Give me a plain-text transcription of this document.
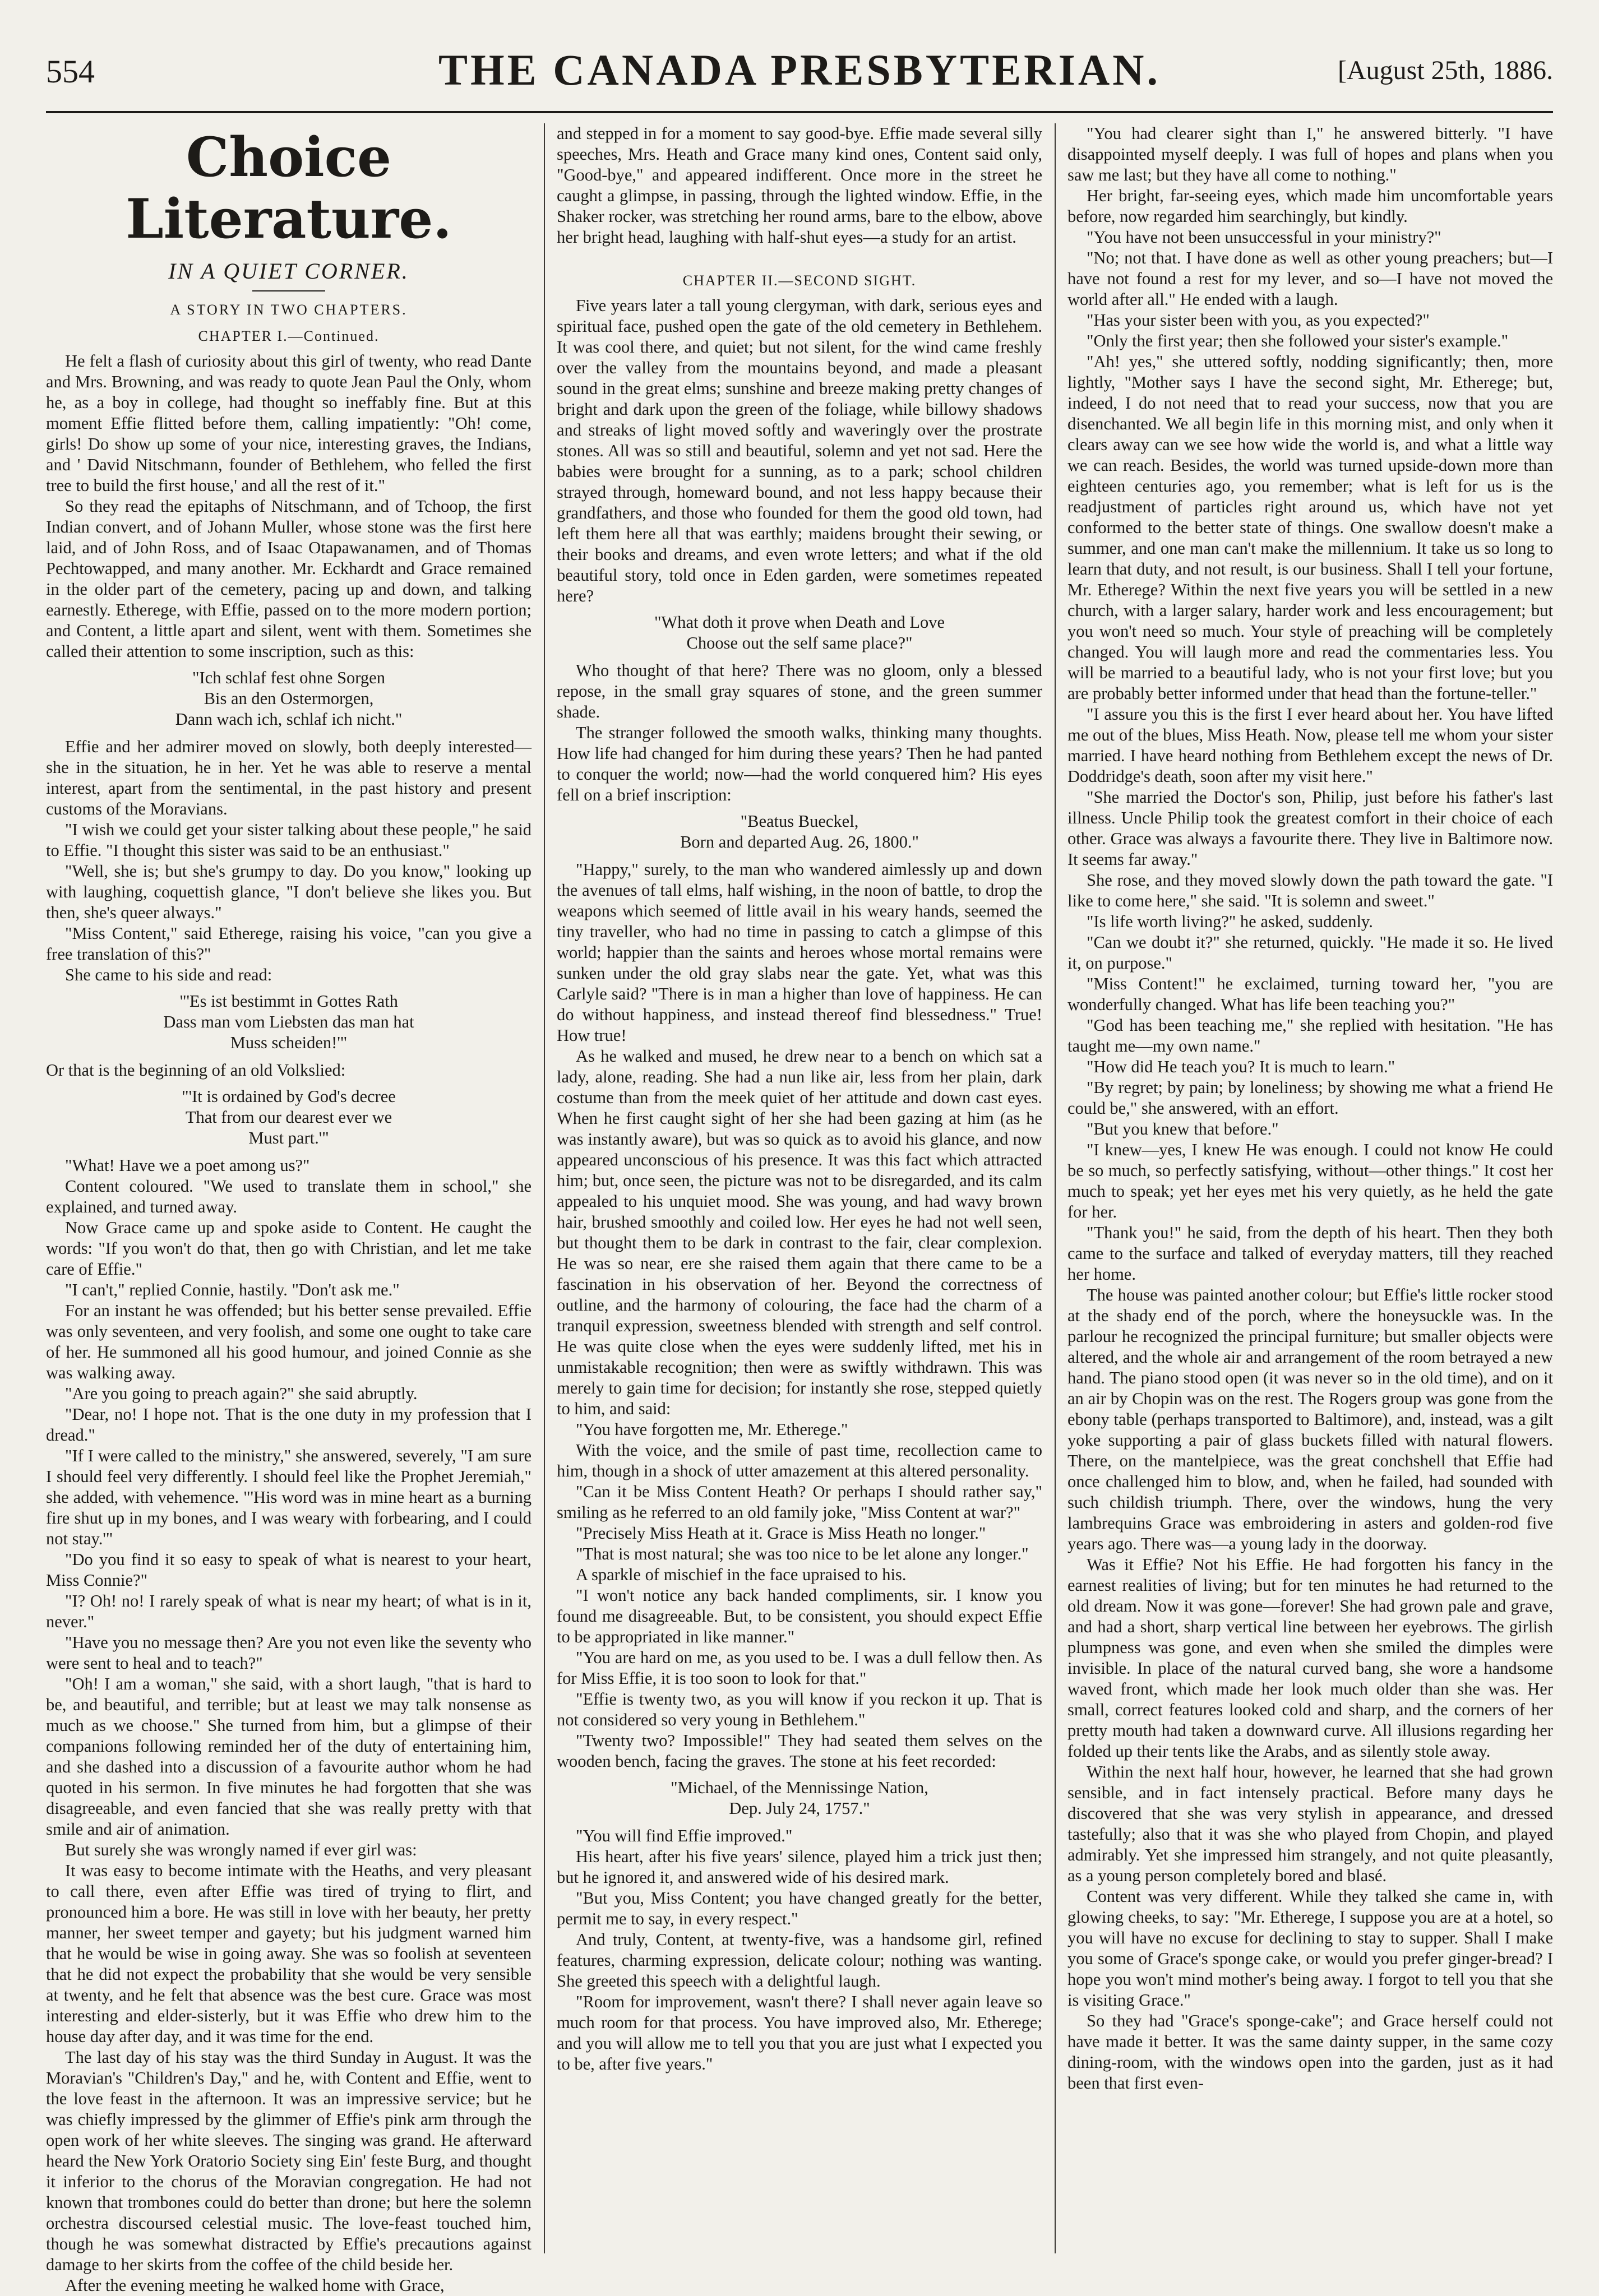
554	THE CANADA PRESBYTERIAN.	[August 25th, 1886.
Choice Literature.
IN A QUIET CORNER.
A STORY IN TWO CHAPTERS.
CHAPTER I.—Continued.

He felt a flash of curiosity about this girl of twenty, who read Dante and Mrs. Browning, and was ready to quote Jean Paul the Only, whom he, as a boy in college, had thought so ineffably fine. But at this moment Effie flitted before them, calling impatiently: "Oh! come, girls! Do show up some of your nice, interesting graves, the Indians, and ' David Nitschmann, founder of Bethlehem, who felled the first tree to build the first house,' and all the rest of it."

So they read the epitaphs of Nitschmann, and of Tchoop, the first Indian convert, and of Johann Muller, whose stone was the first here laid, and of John Ross, and of Isaac Otapawanamen, and of Thomas Pechtowapped, and many another. Mr. Eckhardt and Grace remained in the older part of the cemetery, pacing up and down, and talking earnestly. Etherege, with Effie, passed on to the more modern portion; and Content, a little apart and silent, went with them. Sometimes she called their attention to some inscription, such as this:

"Ich schlaf fest ohne Sorgen
Bis an den Ostermorgen,
Dann wach ich, schlaf ich nicht."

Effie and her admirer moved on slowly, both deeply interested—she in the situation, he in her. Yet he was able to reserve a mental interest, apart from the sentimental, in the past history and present customs of the Moravians.

"I wish we could get your sister talking about these people," he said to Effie. "I thought this sister was said to be an enthusiast."

"Well, she is; but she's grumpy to day. Do you know," looking up with laughing, coquettish glance, "I don't believe she likes you. But then, she's queer always."

"Miss Content," said Etherege, raising his voice, "can you give a free translation of this?"

She came to his side and read:

"'Es ist bestimmt in Gottes Rath
Dass man vom Liebsten das man hat
Muss scheiden!'"

Or that is the beginning of an old Volkslied:

"'It is ordained by God's decree
That from our dearest ever we
Must part.'"

"What! Have we a poet among us?"

Content coloured. "We used to translate them in school," she explained, and turned away.

Now Grace came up and spoke aside to Content. He caught the words: "If you won't do that, then go with Christian, and let me take care of Effie."

"I can't," replied Connie, hastily. "Don't ask me."

For an instant he was offended; but his better sense prevailed. Effie was only seventeen, and very foolish, and some one ought to take care of her. He summoned all his good humour, and joined Connie as she was walking away.

"Are you going to preach again?" she said abruptly.

"Dear, no! I hope not. That is the one duty in my profession that I dread."

"If I were called to the ministry," she answered, severely, "I am sure I should feel very differently. I should feel like the Prophet Jeremiah," she added, with vehemence. "'His word was in mine heart as a burning fire shut up in my bones, and I was weary with forbearing, and I could not stay.'"

"Do you find it so easy to speak of what is nearest to your heart, Miss Connie?"

"I? Oh! no! I rarely speak of what is near my heart; of what is in it, never."

"Have you no message then? Are you not even like the seventy who were sent to heal and to teach?"

"Oh! I am a woman," she said, with a short laugh, "that is hard to be, and beautiful, and terrible; but at least we may talk nonsense as much as we choose." She turned from him, but a glimpse of their companions following reminded her of the duty of entertaining him, and she dashed into a discussion of a favourite author whom he had quoted in his sermon. In five minutes he had forgotten that she was disagreeable, and even fancied that she was really pretty with that smile and air of animation.

But surely she was wrongly named if ever girl was:

It was easy to become intimate with the Heaths, and very pleasant to call there, even after Effie was tired of trying to flirt, and pronounced him a bore. He was still in love with her beauty, her pretty manner, her sweet temper and gayety; but his judgment warned him that he would be wise in going away. She was so foolish at seventeen that he did not expect the probability that she would be very sensible at twenty, and he felt that absence was the best cure. Grace was most interesting and elder-sisterly, but it was Effie who drew him to the house day after day, and it was time for the end.

The last day of his stay was the third Sunday in August. It was the Moravian's "Children's Day," and he, with Content and Effie, went to the love feast in the afternoon. It was an impressive service; but he was chiefly impressed by the glimmer of Effie's pink arm through the open work of her white sleeves. The singing was grand. He afterward heard the New York Oratorio Society sing Ein' feste Burg, and thought it inferior to the chorus of the Moravian congregation. He had not known that trombones could do better than drone; but here the solemn orchestra discoursed celestial music. The love-feast touched him, though he was somewhat distracted by Effie's precautions against damage to her skirts from the coffee of the child beside her.

After the evening meeting he walked home with Grace,

and stepped in for a moment to say good-bye. Effie made several silly speeches, Mrs. Heath and Grace many kind ones, Content said only, "Good-bye," and appeared indifferent. Once more in the street he caught a glimpse, in passing, through the lighted window. Effie, in the Shaker rocker, was stretching her round arms, bare to the elbow, above her bright head, laughing with half-shut eyes—a study for an artist.

CHAPTER II.—SECOND SIGHT.

Five years later a tall young clergyman, with dark, serious eyes and spiritual face, pushed open the gate of the old cemetery in Bethlehem. It was cool there, and quiet; but not silent, for the wind came freshly over the valley from the mountains beyond, and made a pleasant sound in the great elms; sunshine and breeze making pretty changes of bright and dark upon the green of the foliage, while billowy shadows and streaks of light moved softly and waveringly over the prostrate stones. All was so still and beautiful, solemn and yet not sad. Here the babies were brought for a sunning, as to a park; school children strayed through, homeward bound, and not less happy because their grandfathers, and those who founded for them the good old town, had left them here all that was earthly; maidens brought their sewing, or their books and dreams, and even wrote letters; and what if the old beautiful story, told once in Eden garden, were sometimes repeated here?

"What doth it prove when Death and Love
Choose out the self same place?"

Who thought of that here? There was no gloom, only a blessed repose, in the small gray squares of stone, and the green summer shade.

The stranger followed the smooth walks, thinking many thoughts. How life had changed for him during these years? Then he had panted to conquer the world; now—had the world conquered him? His eyes fell on a brief inscription:

"Beatus Bueckel,
Born and departed Aug. 26, 1800."

"Happy," surely, to the man who wandered aimlessly up and down the avenues of tall elms, half wishing, in the noon of battle, to drop the weapons which seemed of little avail in his weary hands, seemed the tiny traveller, who had no time in passing to catch a glimpse of this world; happier than the saints and heroes whose mortal remains were sunken under the old gray slabs near the gate. Yet, what was this Carlyle said? "There is in man a higher than love of happiness. He can do without happiness, and instead thereof find blessedness." True! How true!

As he walked and mused, he drew near to a bench on which sat a lady, alone, reading. She had a nun like air, less from her plain, dark costume than from the meek quiet of her attitude and down cast eyes. When he first caught sight of her she had been gazing at him (as he was instantly aware), but was so quick as to avoid his glance, and now appeared unconscious of his presence. It was this fact which attracted him; but, once seen, the picture was not to be disregarded, and its calm appealed to his unquiet mood. She was young, and had wavy brown hair, brushed smoothly and coiled low. Her eyes he had not well seen, but thought them to be dark in contrast to the fair, clear complexion. He was so near, ere she raised them again that there came to be a fascination in his observation of her. Beyond the correctness of outline, and the harmony of colouring, the face had the charm of a tranquil expression, sweetness blended with strength and self control. He was quite close when the eyes were suddenly lifted, met his in unmistakable recognition; then were as swiftly withdrawn. This was merely to gain time for decision; for instantly she rose, stepped quietly to him, and said:

"You have forgotten me, Mr. Etherege."

With the voice, and the smile of past time, recollection came to him, though in a shock of utter amazement at this altered personality.

"Can it be Miss Content Heath? Or perhaps I should rather say," smiling as he referred to an old family joke, "Miss Content at war?"

"Precisely Miss Heath at it. Grace is Miss Heath no longer."

"That is most natural; she was too nice to be let alone any longer."

A sparkle of mischief in the face upraised to his.

"I won't notice any back handed compliments, sir. I know you found me disagreeable. But, to be consistent, you should expect Effie to be appropriated in like manner."

"You are hard on me, as you used to be. I was a dull fellow then. As for Miss Effie, it is too soon to look for that."

"Effie is twenty two, as you will know if you reckon it up. That is not considered so very young in Bethlehem."

"Twenty two? Impossible!" They had seated them selves on the wooden bench, facing the graves. The stone at his feet recorded:

"Michael, of the Mennissinge Nation,
Dep. July 24, 1757."

"You will find Effie improved."

His heart, after his five years' silence, played him a trick just then; but he ignored it, and answered wide of his desired mark.

"But you, Miss Content; you have changed greatly for the better, permit me to say, in every respect."

And truly, Content, at twenty-five, was a handsome girl, refined features, charming expression, delicate colour; nothing was wanting. She greeted this speech with a delightful laugh.

"Room for improvement, wasn't there? I shall never again leave so much room for that process. You have improved also, Mr. Etherege; and you will allow me to tell you that you are just what I expected you to be, after five years."

"You had clearer sight than I," he answered bitterly. "I have disappointed myself deeply. I was full of hopes and plans when you saw me last; but they have all come to nothing."

Her bright, far-seeing eyes, which made him uncomfortable years before, now regarded him searchingly, but kindly.

"You have not been unsuccessful in your ministry?"

"No; not that. I have done as well as other young preachers; but—I have not found a rest for my lever, and so—I have not moved the world after all." He ended with a laugh.

"Has your sister been with you, as you expected?"

"Only the first year; then she followed your sister's example."

"Ah! yes," she uttered softly, nodding significantly; then, more lightly, "Mother says I have the second sight, Mr. Etherege; but, indeed, I do not need that to read your success, now that you are disenchanted. We all begin life in this morning mist, and only when it clears away can we see how wide the world is, and what a little way we can reach. Besides, the world was turned upside-down more than eighteen centuries ago, you remember; what is left for us is the readjustment of particles right around us, which have not yet conformed to the better state of things. One swallow doesn't make a summer, and one man can't make the millennium. It take us so long to learn that duty, and not result, is our business. Shall I tell your fortune, Mr. Etherege? Within the next five years you will be settled in a new church, with a larger salary, harder work and less encouragement; but you won't need so much. Your style of preaching will be completely changed. You will laugh more and read the commentaries less. You will be married to a beautiful lady, who is not your first love; but you are probably better informed under that head than the fortune-teller."

"I assure you this is the first I ever heard about her. You have lifted me out of the blues, Miss Heath. Now, please tell me whom your sister married. I have heard nothing from Bethlehem except the news of Dr. Doddridge's death, soon after my visit here."

"She married the Doctor's son, Philip, just before his father's last illness. Uncle Philip took the greatest comfort in their choice of each other. Grace was always a favourite there. They live in Baltimore now. It seems far away."

She rose, and they moved slowly down the path toward the gate. "I like to come here," she said. "It is solemn and sweet."

"Is life worth living?" he asked, suddenly.

"Can we doubt it?" she returned, quickly. "He made it so. He lived it, on purpose."

"Miss Content!" he exclaimed, turning toward her, "you are wonderfully changed. What has life been teaching you?"

"God has been teaching me," she replied with hesitation. "He has taught me—my own name."

"How did He teach you? It is much to learn."

"By regret; by pain; by loneliness; by showing me what a friend He could be," she answered, with an effort.

"But you knew that before."

"I knew—yes, I knew He was enough. I could not know He could be so much, so perfectly satisfying, without—other things." It cost her much to speak; yet her eyes met his very quietly, as he held the gate for her.

"Thank you!" he said, from the depth of his heart. Then they both came to the surface and talked of everyday matters, till they reached her home.

The house was painted another colour; but Effie's little rocker stood at the shady end of the porch, where the honeysuckle was. In the parlour he recognized the principal furniture; but smaller objects were altered, and the whole air and arrangement of the room betrayed a new hand. The piano stood open (it was never so in the old time), and on it an air by Chopin was on the rest. The Rogers group was gone from the ebony table (perhaps transported to Baltimore), and, instead, was a gilt yoke supporting a pair of glass buckets filled with natural flowers. There, on the mantelpiece, was the great conchshell that Effie had once challenged him to blow, and, when he failed, had sounded with such childish triumph. There, over the windows, hung the very lambrequins Grace was embroidering in asters and golden-rod five years ago. There was—a young lady in the doorway.

Was it Effie? Not his Effie. He had forgotten his fancy in the earnest realities of living; but for ten minutes he had returned to the old dream. Now it was gone—forever! She had grown pale and grave, and had a short, sharp vertical line between her eyebrows. The girlish plumpness was gone, and even when she smiled the dimples were invisible. In place of the natural curved bang, she wore a handsome waved front, which made her look much older than she was. Her small, correct features looked cold and sharp, and the corners of her pretty mouth had taken a downward curve. All illusions regarding her folded up their tents like the Arabs, and as silently stole away.

Within the next half hour, however, he learned that she had grown sensible, and in fact intensely practical. Before many days he discovered that she was very stylish in appearance, and dressed tastefully; also that it was she who played from Chopin, and played admirably. Yet she impressed him strangely, and not quite pleasantly, as a young person completely bored and blasé.

Content was very different. While they talked she came in, with glowing cheeks, to say: "Mr. Etherege, I suppose you are at a hotel, so you will have no excuse for declining to stay to supper. Shall I make you some of Grace's sponge cake, or would you prefer ginger-bread? I hope you won't mind mother's being away. I forgot to tell you that she is visiting Grace."

So they had "Grace's sponge-cake"; and Grace herself could not have made it better. It was the same dainty supper, in the same cozy dining-room, with the windows open into the garden, just as it had been that first even-
